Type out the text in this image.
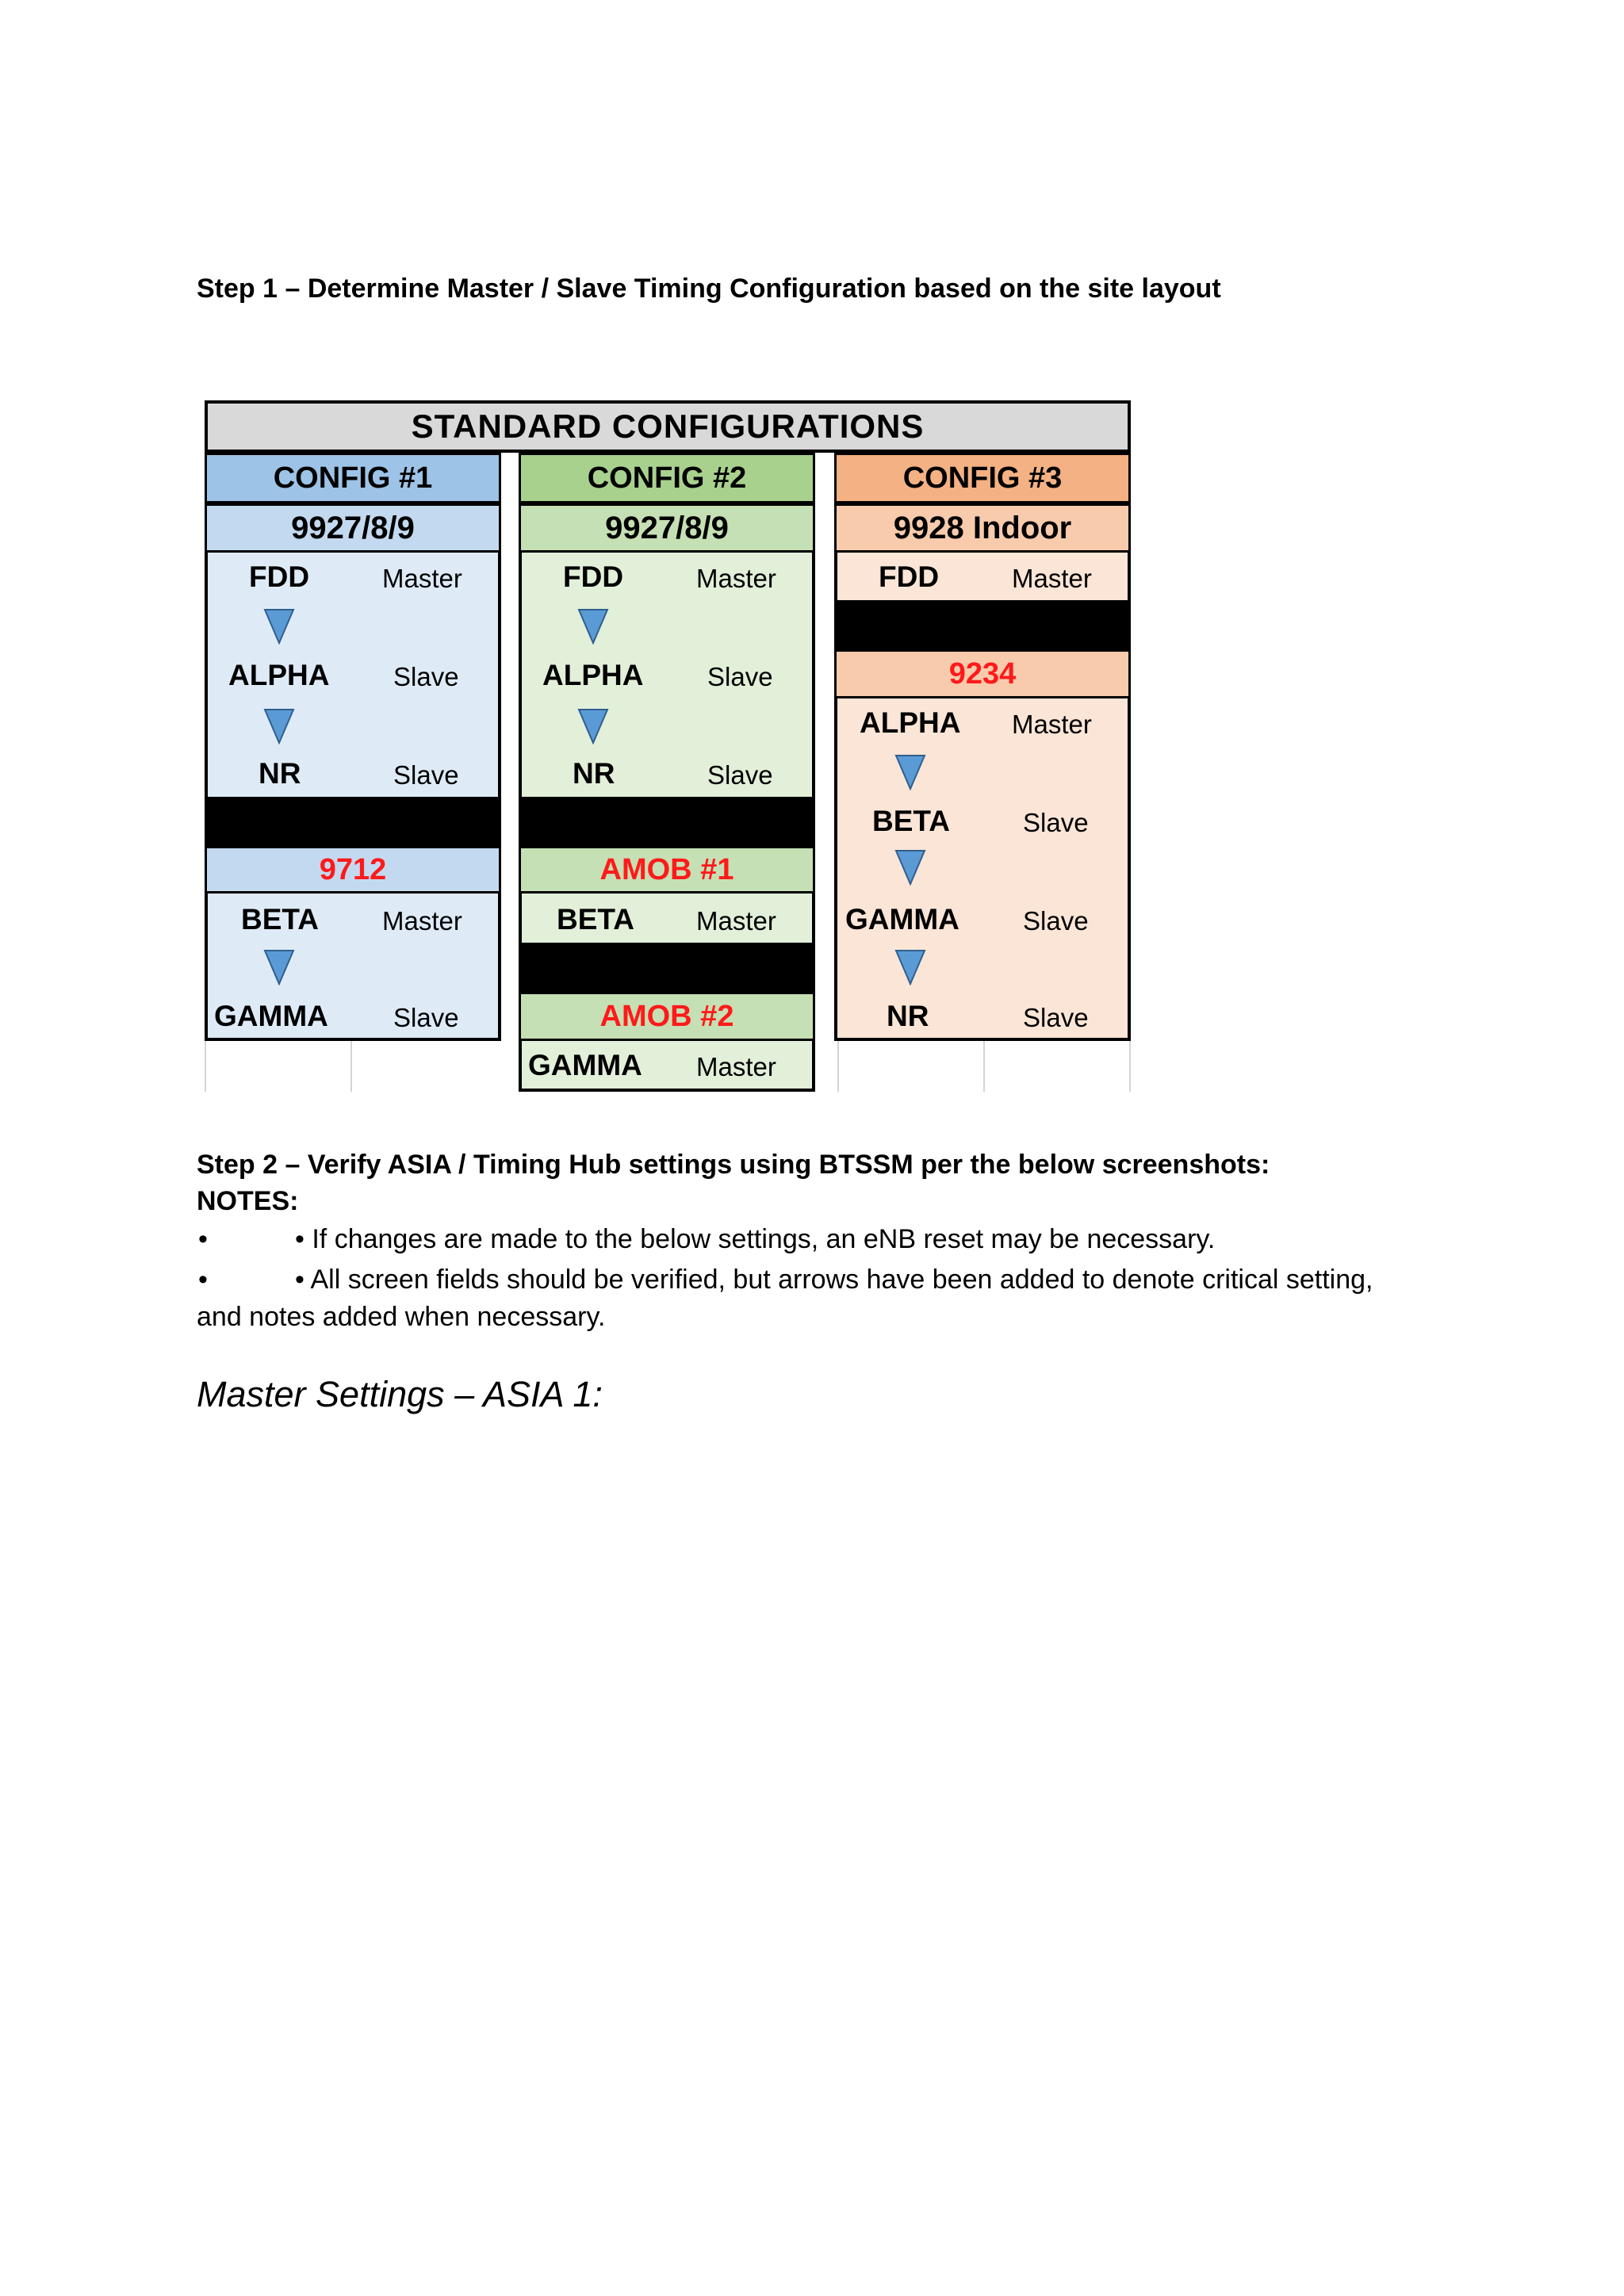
Step 1 – Determine Master / Slave Timing Configuration based on the site layout
STANDARD CONFIGURATIONS
CONFIG #1
9927/8/9
FDD	Master
ALPHA Slave
NR	Slave
9712
BETA Master
GAMMA Slave
CONFIG #2
9927/8/9
FDD	Master
ALPHA Slave
NR	Slave
AMOB #1
BETA Master
AMOB #2
GAMMA Master
CONFIG #3
9928 Indoor
FDD	Master
9234
ALPHA Master
BETA	Slave
GAMMA Slave
NR	Slave
Step 2 – Verify ASIA / Timing Hub settings using BTSSM per the below screenshots:
NOTES:
•	• If changes are made to the below settings, an eNB reset may be necessary.
•	• All screen fields should be verified, but arrows have been added to denote critical setting,
and notes added when necessary.
Master Settings – ASIA 1:
